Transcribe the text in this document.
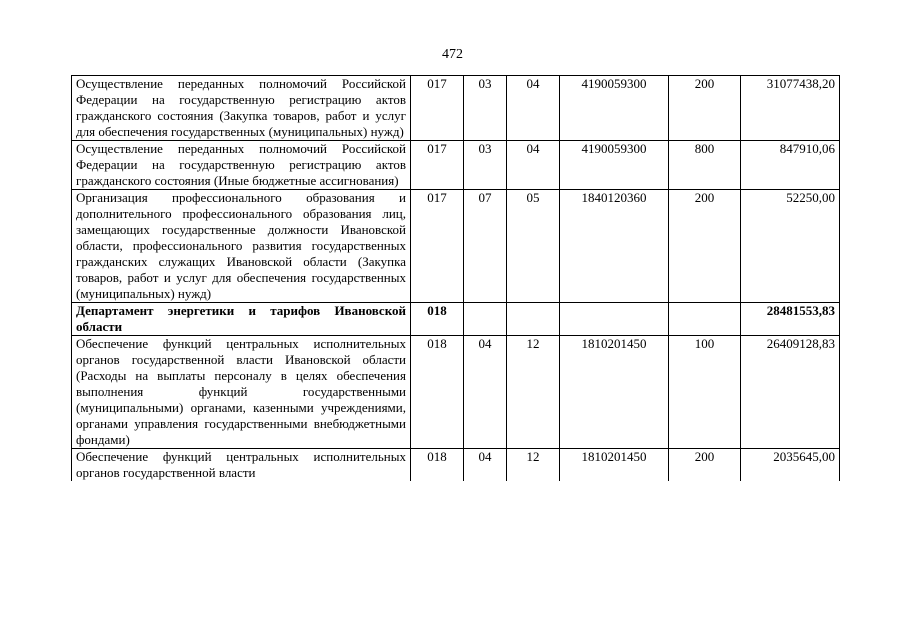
472
Осуществление переданных полномочий Российской Федерации на государственную регистрацию актов гражданского состояния (Закупка товаров, работ и услуг для обеспечения государственных (муниципальных) нужд)	017	03	04	4190059300	200	31077438,20
Осуществление переданных полномочий Российской Федерации на государственную регистрацию актов гражданского состояния (Иные бюджетные ассигнования)	017	03	04	4190059300	800	847910,06
Организация профессионального образования и дополнительного профессионального образования лиц, замещающих государственные должности Ивановской области, профессионального развития государственных гражданских служащих Ивановской области (Закупка товаров, работ и услуг для обеспечения государственных (муниципальных) нужд)	017	07	05	1840120360	200	52250,00
Департамент энергетики и тарифов Ивановской области	018					28481553,83
Обеспечение функций центральных исполнительных органов государственной власти Ивановской области (Расходы на выплаты персоналу в целях обеспечения выполнения функций государственными (муниципальными) органами, казенными учреждениями, органами управления государственными внебюджетными фондами)	018	04	12	1810201450	100	26409128,83
Обеспечение функций центральных исполнительных органов государственной власти	018	04	12	1810201450	200	2035645,00
